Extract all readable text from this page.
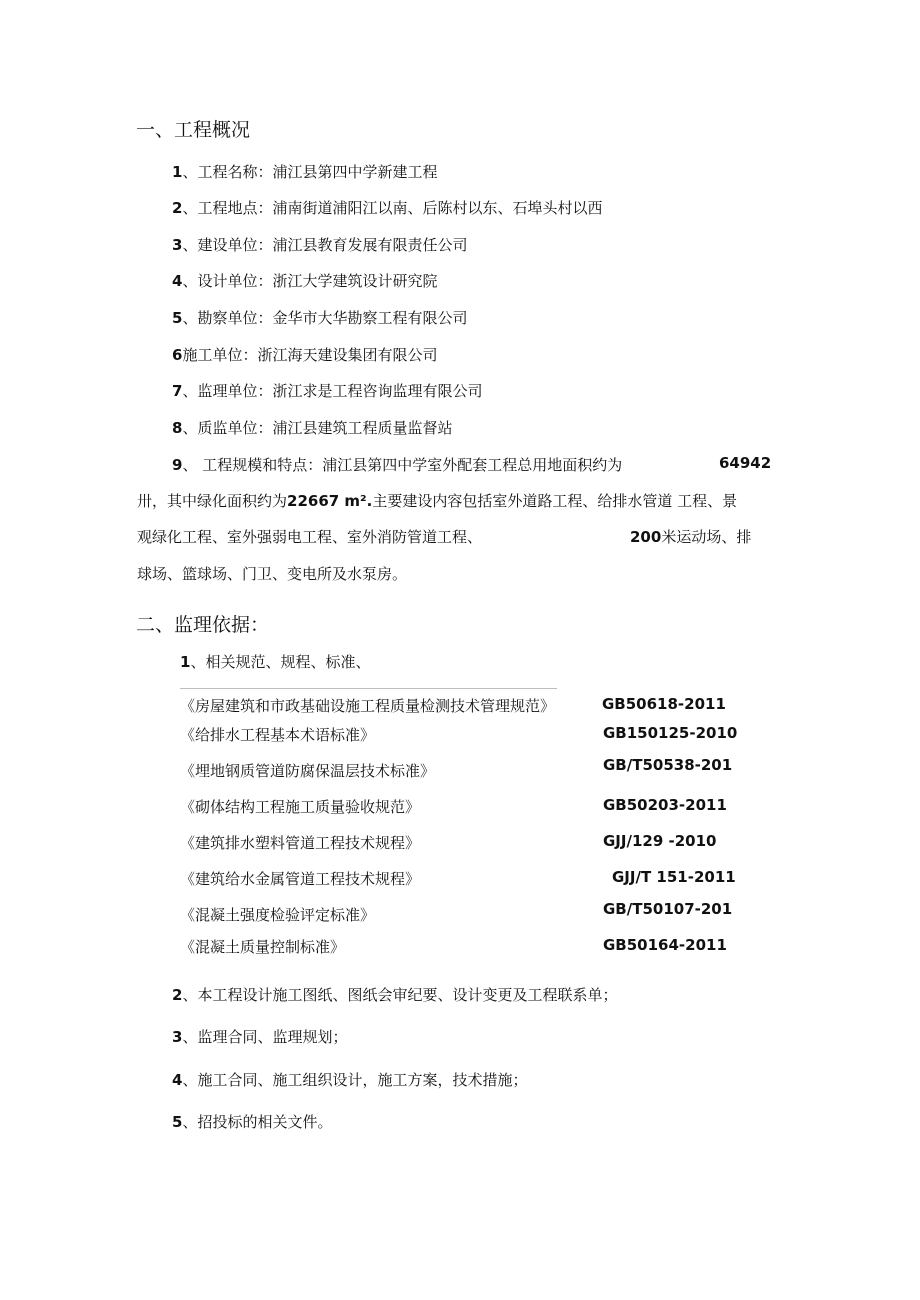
一、工程概况
1、工程名称：浦江县第四中学新建工程
2、工程地点：浦南街道浦阳江以南、后陈村以东、石埠头村以西
3、建设单位：浦江县教育发展有限责任公司
4、设计单位：浙江大学建筑设计研究院
5、勘察单位：金华市大华勘察工程有限公司
6施工单位：浙江海天建设集团有限公司
7、监理单位：浙江求是工程咨询监理有限公司
8、质监单位：浦江县建筑工程质量监督站
9、 工程规模和特点：浦江县第四中学室外配套工程总用地面积约为	64942
卅，其中绿化面积约为22667 m².主要建设内容包括室外道路工程、给排水管道 工程、景
观绿化工程、室外强弱电工程、室外消防管道工程、	200米运动场、排
球场、篮球场、门卫、变电所及水泵房。
二、监理依据：
1、相关规范、规程、标准、
《房屋建筑和市政基础设施工程质量检测技术管理规范》	GB50618-2011
《给排水工程基本术语标准》	GB150125-2010
《埋地钢质管道防腐保温层技术标准》	GB/T50538-201
《砌体结构工程施工质量验收规范》	GB50203-2011
《建筑排水塑料管道工程技术规程》	GJJ/129 -2010
《建筑给水金属管道工程技术规程》	GJJ/T 151-2011
《混凝土强度检验评定标准》	GB/T50107-201
《混凝土质量控制标准》	GB50164-2011
2、本工程设计施工图纸、图纸会审纪要、设计变更及工程联系单；
3、监理合同、监理规划；
4、施工合同、施工组织设计，施工方案，技术措施；
5、招投标的相关文件。
